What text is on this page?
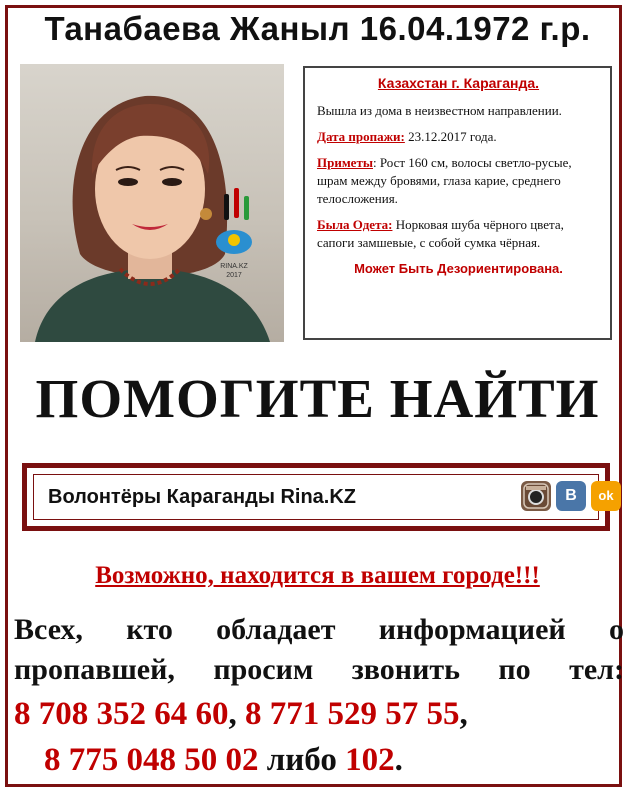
Танабаева Жаныл 16.04.1972 г.р.
RINA.KZ
2017
Казахстан г. Караганда.

Вышла из дома в неизвестном направлении.

Дата пропажи: 23.12.2017 года.

Приметы: Рост 160 см, волосы светло-русые, шрам между бровями, глаза карие, среднего телосложения.

Была Одета: Норковая шуба чёрного цвета, сапоги замшевые, с собой сумка чёрная.

Может Быть Дезориентирована.
ПОМОГИТЕ НАЙТИ
Волонтёры Караганды Rina.KZ	B	ok
Возможно, находится в вашем городе!!!
Всех, кто обладает информацией о пропавшей, просим звонить по тел:
8 708 352 64 60, 8 771 529 57 55,
8 775 048 50 02 либо 102.
